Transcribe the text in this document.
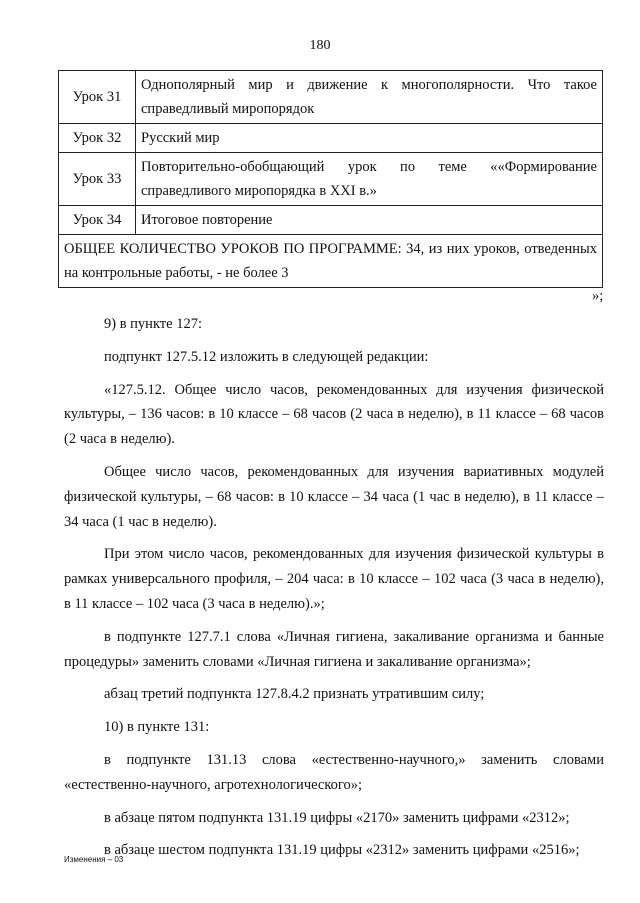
180
Урок 31	Однополярный мир и движение к многополярности. Что такое справедливый миропорядок
Урок 32	Русский мир
Урок 33	Повторительно-обобщающий урок по теме ««Формирование справедливого миропорядка в XXI в.»
Урок 34	Итоговое повторение
ОБЩЕЕ КОЛИЧЕСТВО УРОКОВ ПО ПРОГРАММЕ: 34, из них уроков, отведенных на контрольные работы, - не более 3	
»;

9) в пункте 127:

подпункт 127.5.12 изложить в следующей редакции:

«127.5.12. Общее число часов, рекомендованных для изучения физической культуры, – 136 часов: в 10 классе – 68 часов (2 часа в неделю), в 11 классе – 68 часов (2 часа в неделю).

Общее число часов, рекомендованных для изучения вариативных модулей физической культуры, – 68 часов: в 10 классе – 34 часа (1 час в неделю), в 11 классе – 34 часа (1 час в неделю).

При этом число часов, рекомендованных для изучения физической культуры в рамках универсального профиля, – 204 часа: в 10 классе – 102 часа (3 часа в неделю), в 11 классе – 102 часа (3 часа в неделю).»;

в подпункте 127.7.1 слова «Личная гигиена, закаливание организма и банные процедуры» заменить словами «Личная гигиена и закаливание организма»;

абзац третий подпункта 127.8.4.2 признать утратившим силу;

10) в пункте 131:

в подпункте 131.13 слова «естественно-научного,» заменить словами «естественно-научного, агротехнологического»;

в абзаце пятом подпункта 131.19 цифры «2170» заменить цифрами «2312»;

в абзаце шестом подпункта 131.19 цифры «2312» заменить цифрами «2516»;

Изменения – 03
